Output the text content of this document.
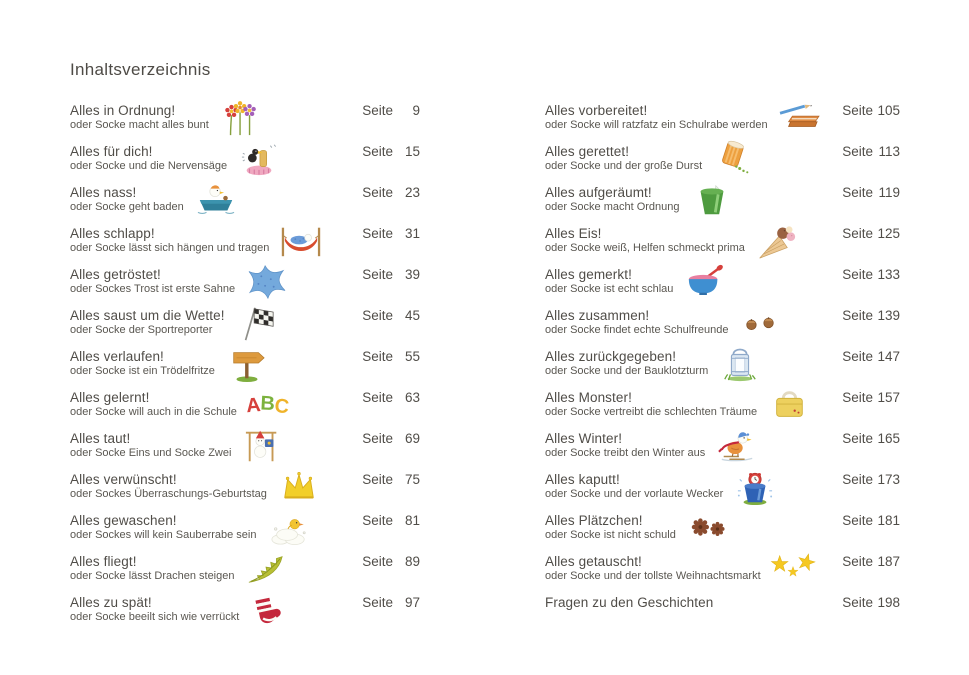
Inhaltsverzeichnis
Alles in Ordnung!
oder Socke macht alles bunt
Seite	9
Alles für dich!
oder Socke und die Nervensäge
Seite 15
Alles nass!
oder Socke geht baden
Seite 23
Alles schlapp!
oder Socke lässt sich hängen und tragen
Seite 31
Alles getröstet!
oder Sockes Trost ist erste Sahne
Seite 39
Alles saust um die Wette!
oder Socke der Sportreporter
Seite 45
Alles verlaufen!
oder Socke ist ein Trödelfritze
Seite 55
Alles gelernt!
oder Socke will auch in die Schule A
B
C	Seite 63
Alles taut!
oder Socke Eins und Socke Zwei
Seite 69
Alles verwünscht!
oder Sockes Überraschungs-Geburtstag
Seite 75
Alles gewaschen!
oder Sockes will kein Sauberrabe sein
Seite 81
Alles fliegt!
oder Socke lässt Drachen steigen
Seite 89
Alles zu spät!
oder Socke beeilt sich wie verrückt
Seite 97
Alles vorbereitet!
oder Socke will ratzfatz ein Schulrabe werden
Seite 105
Alles gerettet!
oder Socke und der große Durst
Seite 113
Alles aufgeräumt!
oder Socke macht Ordnung
Seite 119
Alles Eis!
oder Socke weiß, Helfen schmeckt prima
Seite 125
Alles gemerkt!
oder Socke ist echt schlau
Seite 133
Alles zusammen!
oder Socke findet echte Schulfreunde
Seite 139
Alles zurückgegeben!
oder Socke und der Bauklotzturm
Seite 147
Alles Monster!
oder Socke vertreibt die schlechten Träume
Seite 157
Alles Winter!
oder Socke treibt den Winter aus
Seite 165
Alles kaputt!
oder Socke und der vorlaute Wecker
Seite 173
Alles Plätzchen!
oder Socke ist nicht schuld
Seite 181
Alles getauscht!
oder Socke und der tollste Weihnachtsmarkt
Seite 187
Fragen zu den Geschichten	Seite 198
